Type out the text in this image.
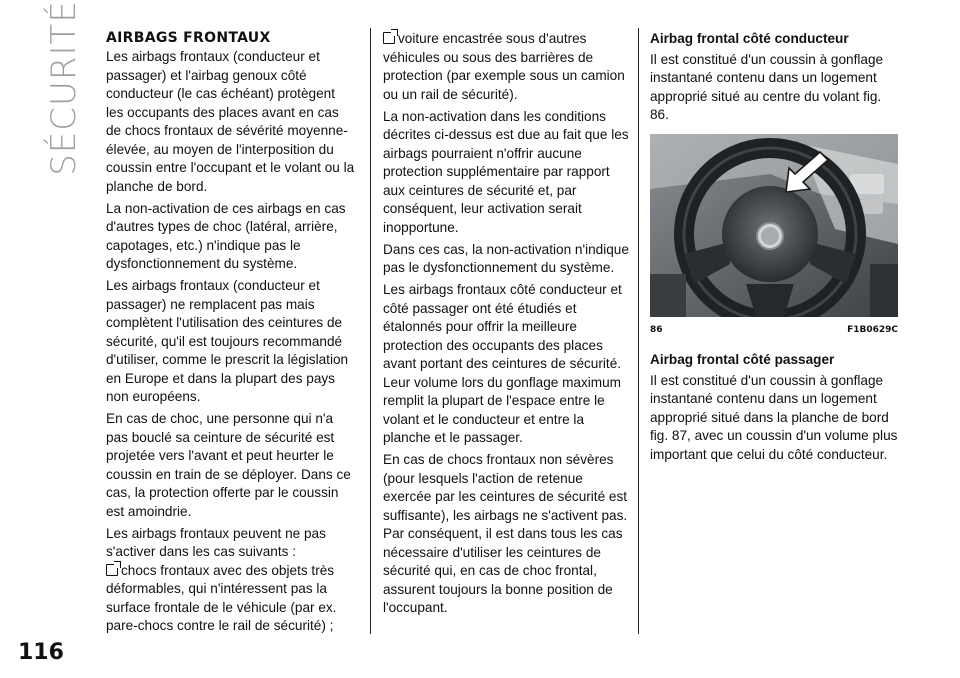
SÉCURITÉ
116
AIRBAGS FRONTAUX
Les airbags frontaux (conducteur et passager) et l'airbag genoux côté conducteur (le cas échéant) protègent les occupants des places avant en cas de chocs frontaux de sévérité moyenne-élevée, au moyen de l'interposition du coussin entre l'occupant et le volant ou la planche de bord.
La non-activation de ces airbags en cas d'autres types de choc (latéral, arrière, capotages, etc.) n'indique pas le dysfonctionnement du système.
Les airbags frontaux (conducteur et passager) ne remplacent pas mais complètent l'utilisation des ceintures de sécurité, qu'il est toujours recommandé d'utiliser, comme le prescrit la législation en Europe et dans la plupart des pays non européens.
En cas de choc, une personne qui n'a pas bouclé sa ceinture de sécurité est projetée vers l'avant et peut heurter le coussin en train de se déployer. Dans ce cas, la protection offerte par le coussin est amoindrie.
Les airbags frontaux peuvent ne pas s'activer dans les cas suivants :
chocs frontaux avec des objets très déformables, qui n'intéressent pas la surface frontale de le véhicule (par ex. pare-chocs contre le rail de sécurité) ;
voiture encastrée sous d'autres véhicules ou sous des barrières de protection (par exemple sous un camion ou un rail de sécurité).
La non-activation dans les conditions décrites ci-dessus est due au fait que les airbags pourraient n'offrir aucune protection supplémentaire par rapport aux ceintures de sécurité et, par conséquent, leur activation serait inopportune.
Dans ces cas, la non-activation n'indique pas le dysfonctionnement du système.
Les airbags frontaux côté conducteur et côté passager ont été étudiés et étalonnés pour offrir la meilleure protection des occupants des places avant portant des ceintures de sécurité. Leur volume lors du gonflage maximum remplit la plupart de l'espace entre le volant et le conducteur et entre la planche et le passager.
En cas de chocs frontaux non sévères (pour lesquels l'action de retenue exercée par les ceintures de sécurité est suffisante), les airbags ne s'activent pas. Par conséquent, il est dans tous les cas nécessaire d'utiliser les ceintures de sécurité qui, en cas de choc frontal, assurent toujours la bonne position de l'occupant.
Airbag frontal côté conducteur
Il est constitué d'un coussin à gonflage instantané contenu dans un logement approprié situé au centre du volant fig. 86.
86	F1B0629C
Airbag frontal côté passager
Il est constitué d'un coussin à gonflage instantané contenu dans un logement approprié situé dans la planche de bord fig. 87, avec un coussin d'un volume plus important que celui du côté conducteur.
